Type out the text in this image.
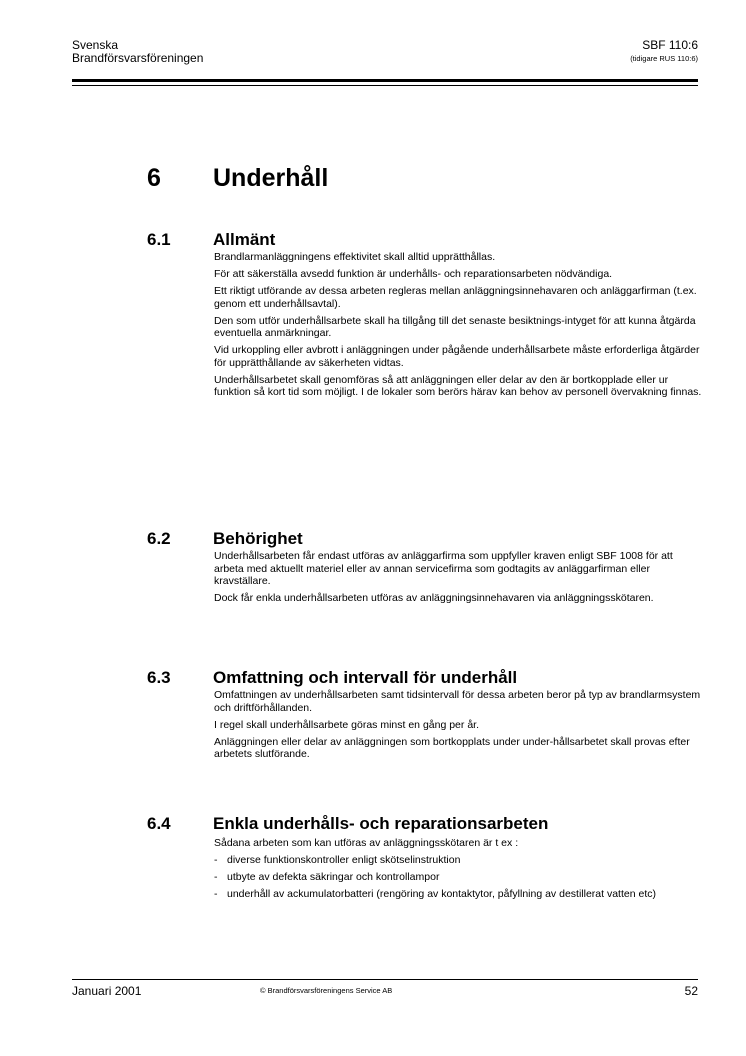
Svenska
Brandförsvarsföreningen
SBF 110:6
(tidigare RUS 110:6)
6 Underhåll
6.1 Allmänt

Brandlarmanläggningens effektivitet skall alltid upprätthållas.

För att säkerställa avsedd funktion är underhålls- och reparationsarbeten nödvändiga.

Ett riktigt utförande av dessa arbeten regleras mellan anläggningsinnehavaren och anläggarfirman (t.ex. genom ett underhållsavtal).

Den som utför underhållsarbete skall ha tillgång till det senaste besiktnings-intyget för att kunna åtgärda eventuella anmärkningar.

Vid urkoppling eller avbrott i anläggningen under pågående underhållsarbete måste erforderliga åtgärder för upprätthållande av säkerheten vidtas.

Underhållsarbetet skall genomföras så att anläggningen eller delar av den är bortkopplade eller ur funktion så kort tid som möjligt. I de lokaler som berörs härav kan behov av personell övervakning finnas.

6.2 Behörighet

Underhållsarbeten får endast utföras av anläggarfirma som uppfyller kraven enligt SBF 1008 för att arbeta med aktuellt materiel eller av annan servicefirma som godtagits av anläggarfirman eller kravställare.

Dock får enkla underhållsarbeten utföras av anläggningsinnehavaren via anläggningsskötaren.

6.3 Omfattning och intervall för underhåll

Omfattningen av underhållsarbeten samt tidsintervall för dessa arbeten beror på typ av brandlarmsystem och driftförhållanden.

I regel skall underhållsarbete göras minst en gång per år.

Anläggningen eller delar av anläggningen som bortkopplats under under-hållsarbetet skall provas efter arbetets slutförande.

6.4 Enkla underhålls- och reparationsarbeten

Sådana arbeten som kan utföras av anläggningsskötaren är t ex :

- diverse funktionskontroller enligt skötselinstruktion
- utbyte av defekta säkringar och kontrollampor
- underhåll av ackumulatorbatteri (rengöring av kontaktytor, påfyllning av destillerat vatten etc)
Januari 2001	© Brandförsvarsföreningens Service AB	52
